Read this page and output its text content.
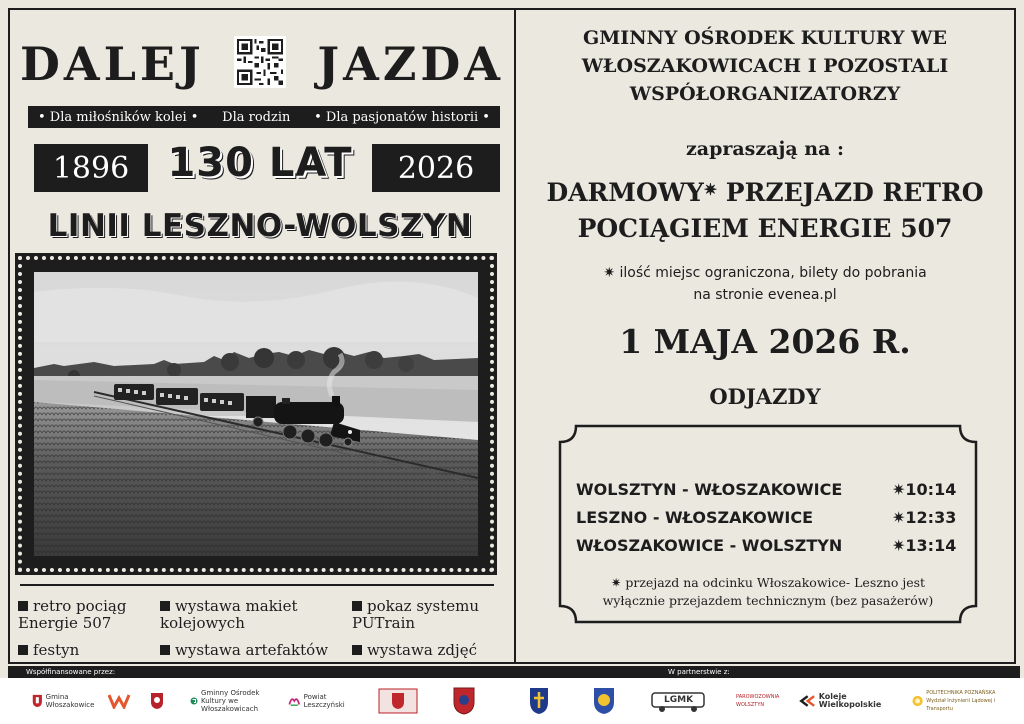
DALEJ JAZDA
• Dla miłośników kolei • Dla rodzin • Dla pasjonatów historii •
1896 130 LAT	2026
LINII LESZNO-WOLSZYN
retro pociąg Energie 507
wystawa makiet kolejowych
pokaz systemu PUTrain
festyn	wystawa artefaktów	wystawa zdjęć
GMINNY OŚRODEK KULTURY WE WŁOSZAKOWICACH I POZOSTALI WSPÓŁORGANIZATORZY
zapraszają na :
DARMOWY✷ PRZEJAZD RETRO
POCIĄGIEM ENERGIE 507
✷ ilość miejsc ograniczona, bilety do pobrania
na stronie evenea.pl
1 MAJA 2026 R.
ODJAZDY
WOLSZTYN - WŁOSZAKOWICE	✷10:14
LESZNO - WŁOSZAKOWICE	✷12:33
WŁOSZAKOWICE - WOLSZTYN	✷13:14
✷ przejazd na odcinku Włoszakowice- Leszno jest
wyłącznie przejazdem technicznym (bez pasażerów)
Współfinansowane przez:	W partnerstwie z:
Gmina Włoszakowice
Gminny Ośrodek Kultury we Włoszakowicach
Powiat Leszczyński	LGMK	PAROWOZOWNIA WOLSZTYN
Koleje Wielkopolskie
POLITECHNIKA POZNAŃSKA Wydział Inżynierii Lądowej i Transportu
